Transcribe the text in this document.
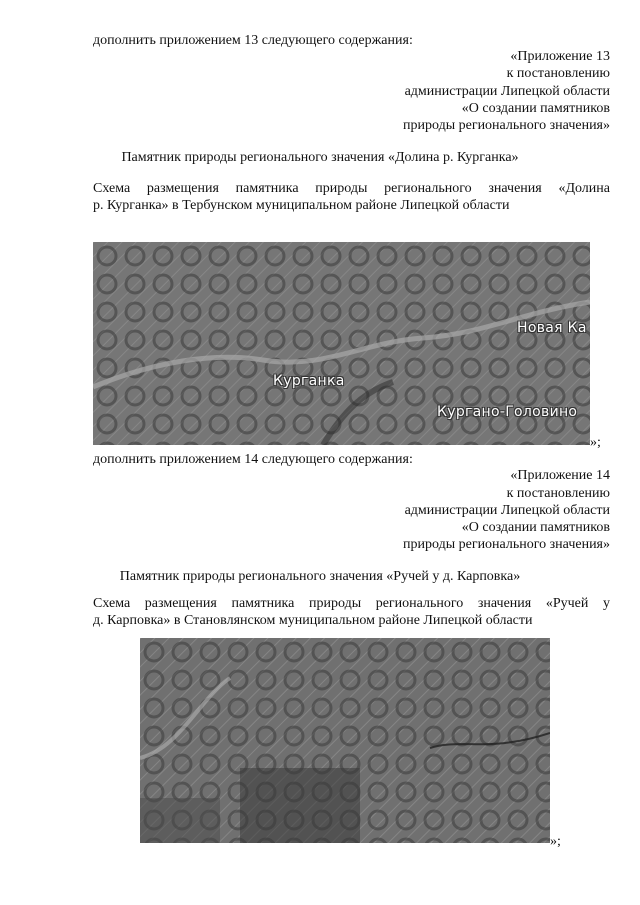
дополнить приложением 13 следующего содержания:
«Приложение 13
к постановлению
администрации Липецкой области
«О создании памятников
природы регионального значения»
Памятник природы регионального значения «Долина р. Курганка»
Схема размещения памятника природы регионального значения «Долина
р. Курганка» в Тербунском муниципальном районе Липецкой области
Новая Ка
Курганка
Кургано-Головино
»;
дополнить приложением 14 следующего содержания:
«Приложение 14
к постановлению
администрации Липецкой области
«О создании памятников
природы регионального значения»
Памятник природы регионального значения «Ручей у д. Карповка»
Схема размещения памятника природы регионального значения «Ручей у
д. Карповка» в Становлянском муниципальном районе Липецкой области
»;
